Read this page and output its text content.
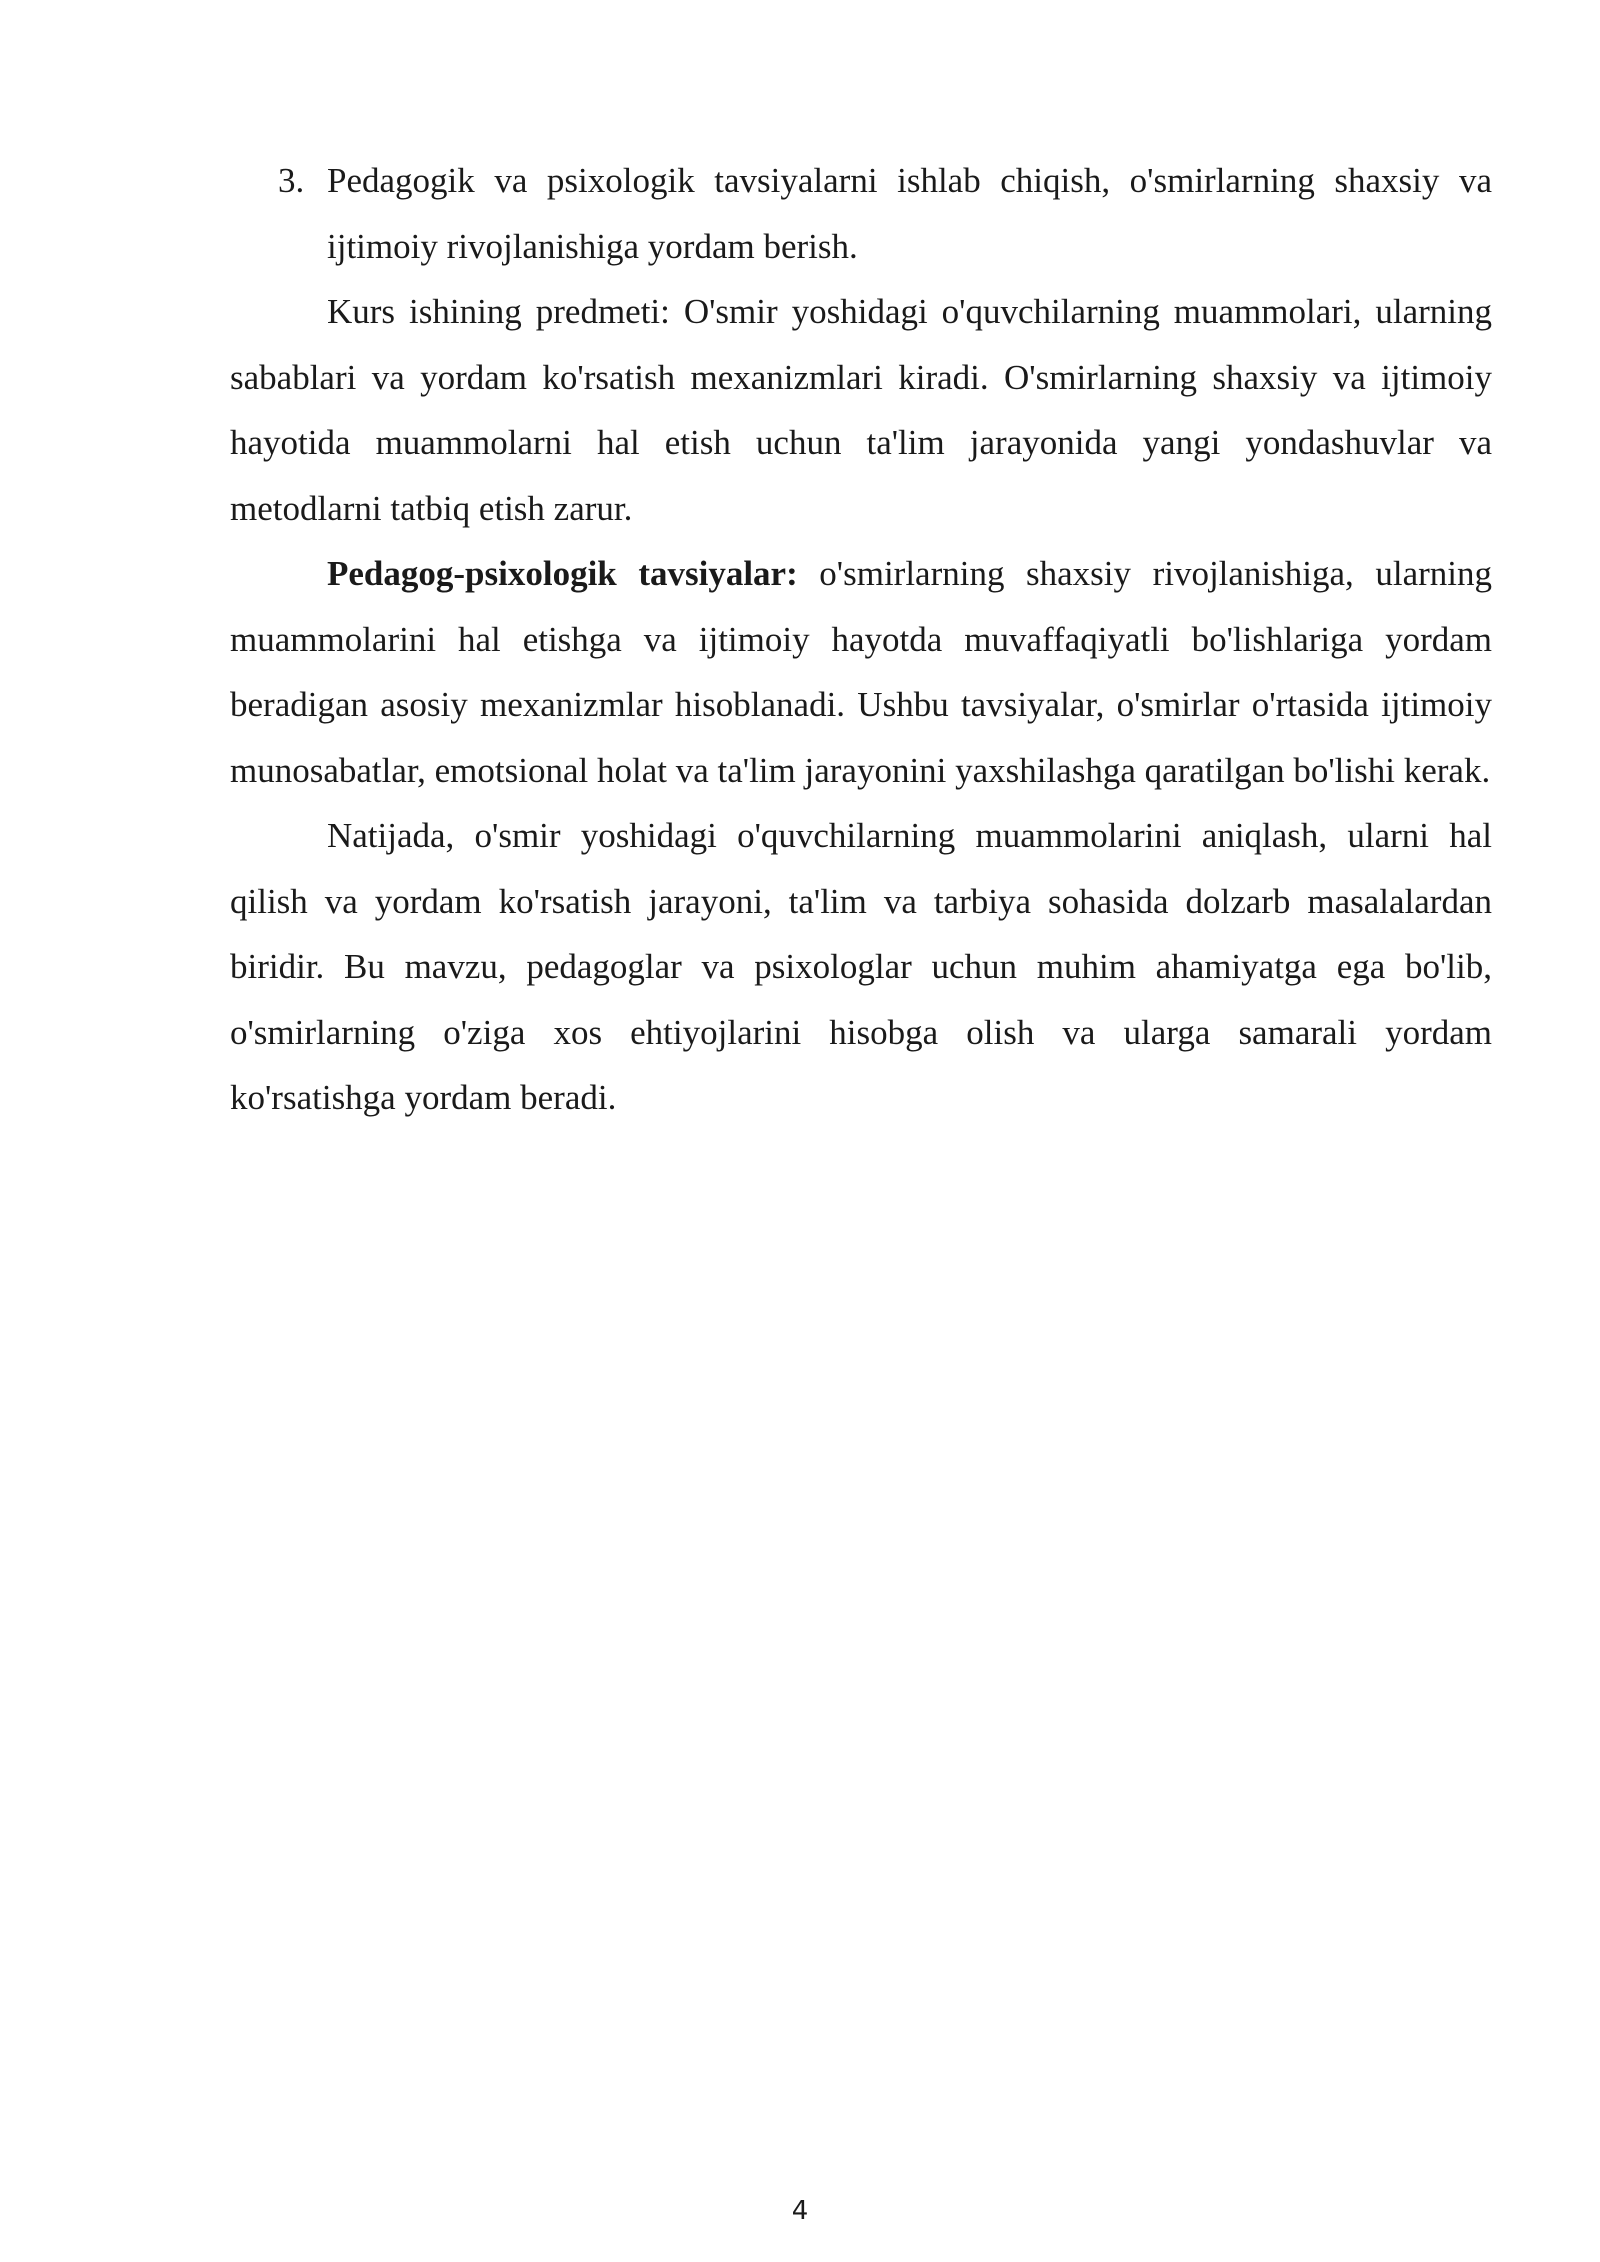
3. Pedagogik va psixologik tavsiyalarni ishlab chiqish, o'smirlarning shaxsiy va ijtimoiy rivojlanishiga yordam berish.

Kurs ishining predmeti: O'smir yoshidagi o'quvchilarning muammolari, ularning sabablari va yordam ko'rsatish mexanizmlari kiradi. O'smirlarning shaxsiy va ijtimoiy hayotida muammolarni hal etish uchun ta'lim jarayonida yangi yondashuvlar va metodlarni tatbiq etish zarur.

Pedagog-psixologik tavsiyalar: o'smirlarning shaxsiy rivojlanishiga, ularning muammolarini hal etishga va ijtimoiy hayotda muvaffaqiyatli bo'lishlariga yordam beradigan asosiy mexanizmlar hisoblanadi. Ushbu tavsiyalar, o'smirlar o'rtasida ijtimoiy munosabatlar, emotsional holat va ta'lim jarayonini yaxshilashga qaratilgan bo'lishi kerak.

Natijada, o'smir yoshidagi o'quvchilarning muammolarini aniqlash, ularni hal qilish va yordam ko'rsatish jarayoni, ta'lim va tarbiya sohasida dolzarb masalalardan biridir. Bu mavzu, pedagoglar va psixologlar uchun muhim ahamiyatga ega bo'lib, o'smirlarning o'ziga xos ehtiyojlarini hisobga olish va ularga samarali yordam ko'rsatishga yordam beradi.

4
